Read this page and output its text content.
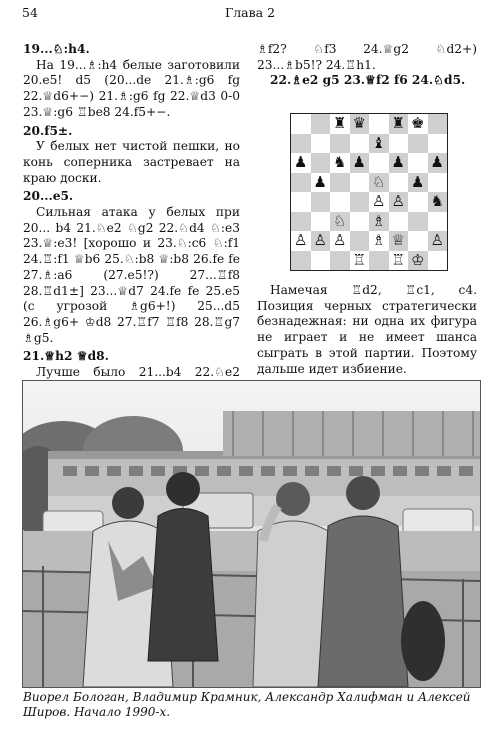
54	Глава 2

19...♘:h4.

На 19...♗:h4 белые заготовили 20.e5! d5 (20...de 21.♗:g6 fg 22.♕d6+−) 21.♗:g6 fg 22.♕d3 0-0 23.♕:g6 ♖be8 24.f5+−.

20.f5±.

У белых нет чистой пешки, но конь соперника застревает на краю доски.

20...e5.

Сильная атака у белых при 20... b4 21.♘e2 ♘g2 22.♘d4 ♘:e3 23.♕:e3! [хорошо и 23.♘:c6 ♘:f1 24.♖:f1 ♕b6 25.♘:b8 ♕:b8 26.fe fe 27.♗:a6 (27.e5!?) 27...♖f8 28.♖d1±] 23...♕d7 24.fe fe 25.e5 (с угрозой ♗g6+!) 25...d5 26.♗g6+ ♔d8 27.♖f7 ♖f8 28.♖g7 ♗g5.

21.♕h2 ♕d8.

Лучше было 21...b4 22.♘e2

♗f2? ♘f3 24.♕g2 ♘d2+) 23...♗b5!? 24.♖h1.

22.♗e2 g5 23.♕f2 f6 24.♘d5.

♜ ♛ ♜ ♚
♝
♟ ♞ ♟ ♟ ♟
♟	♘ ♟
♙ ♙ ♞
♘ ♗
♙ ♙ ♙ ♗ ♕ ♙
♖ ♖ ♔

Намечая ♖d2, ♖c1, c4. Позиция черных стратегически безнадежная: ни одна их фигура не играет и не имеет шанса сыграть в этой партии. Поэтому дальше идет избиение.

Виорел Бологан, Владимир Крамник, Александр Халифман и Алексей Широв. Начало 1990-х.
